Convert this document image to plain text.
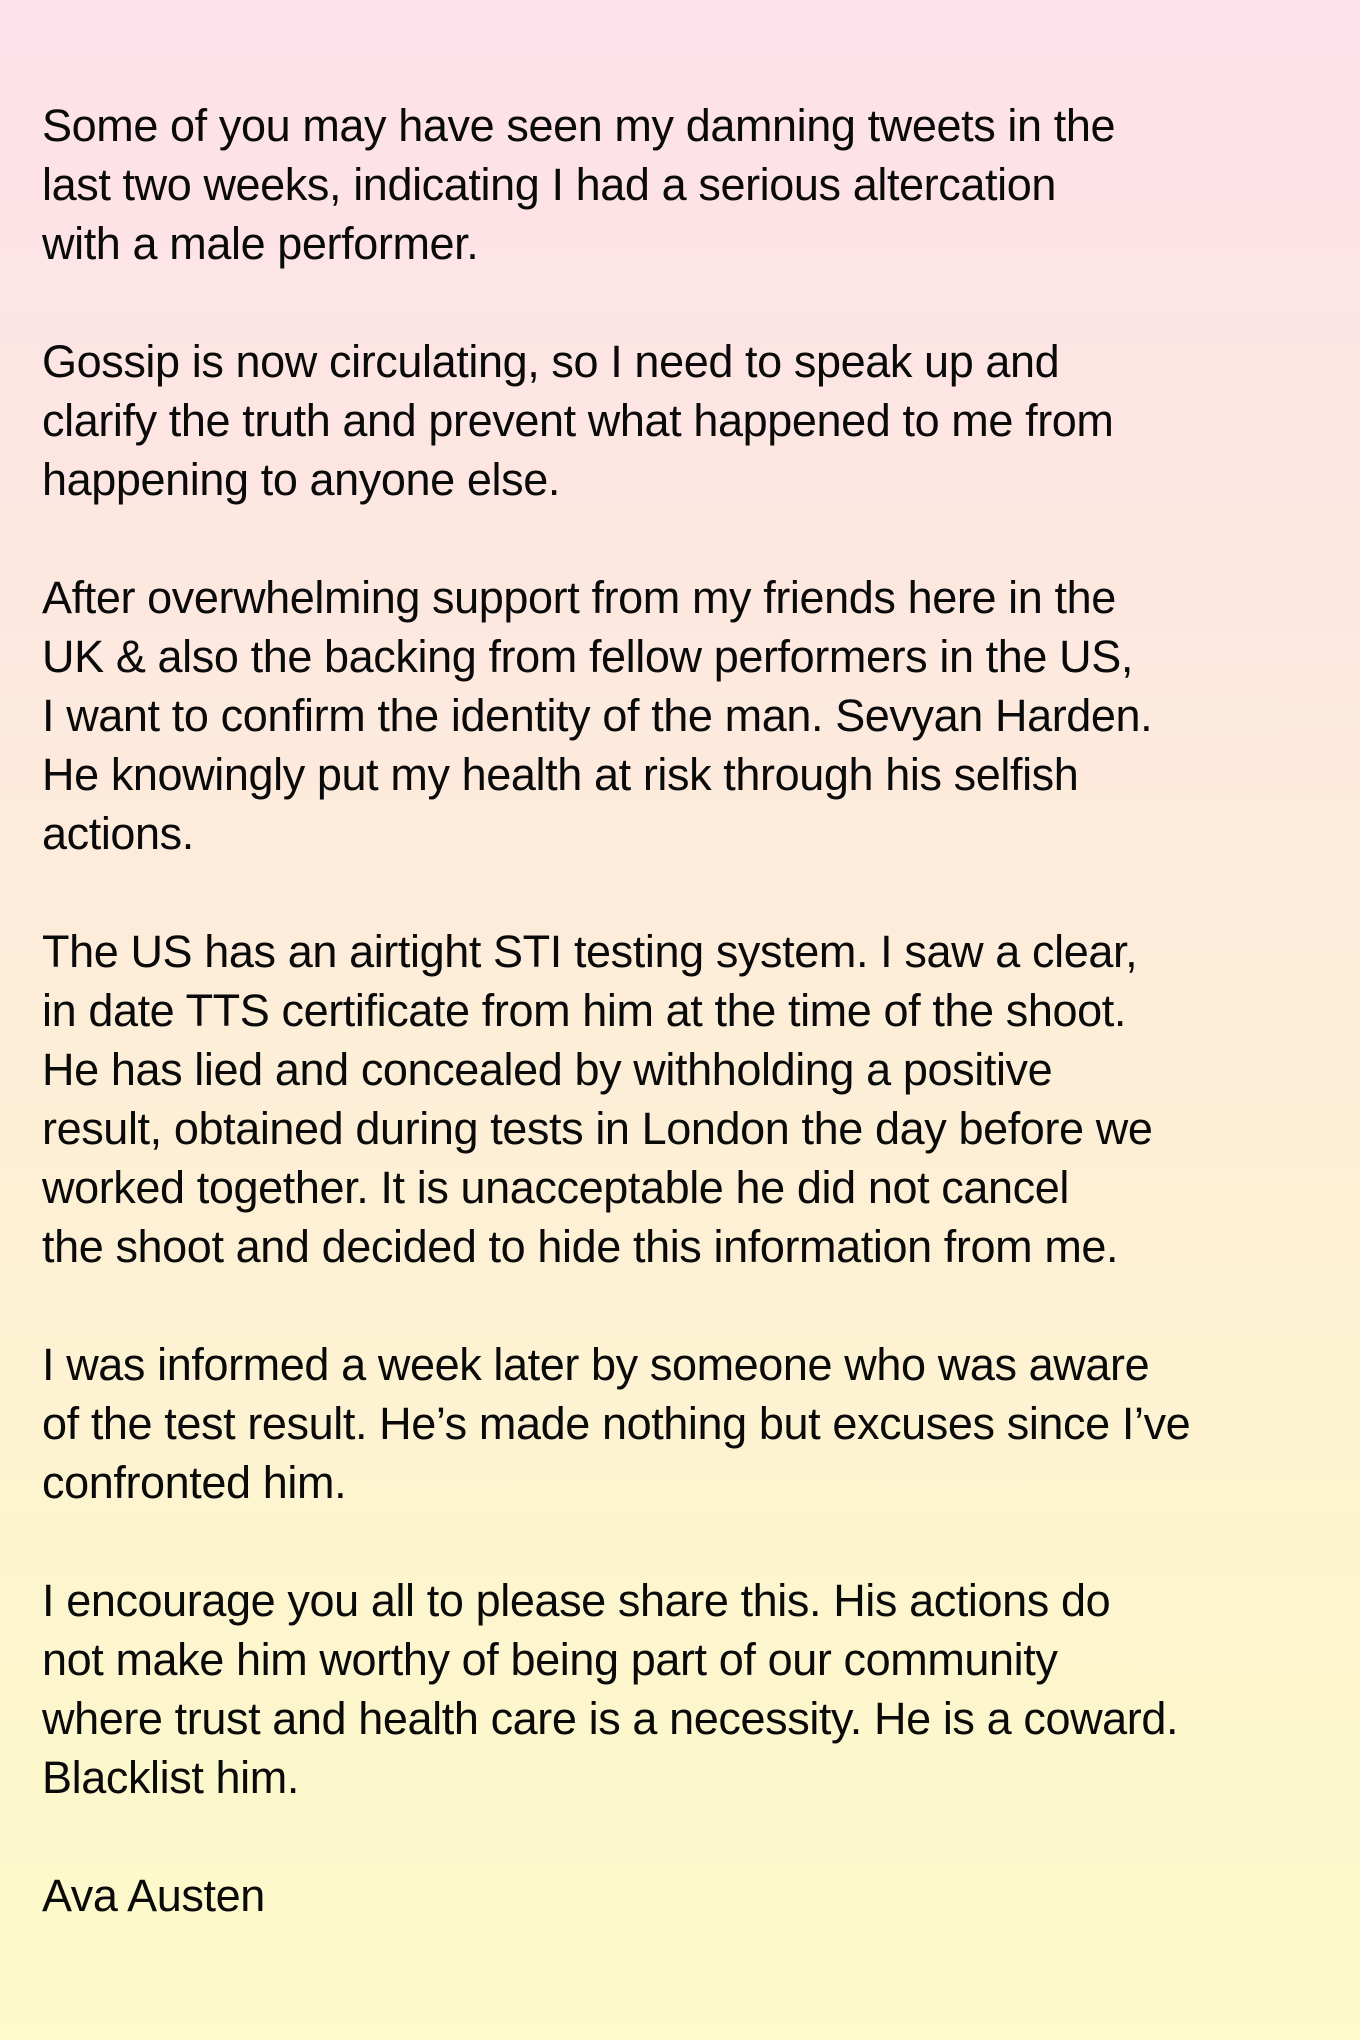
Some of you may have seen my damning tweets in the
last two weeks, indicating I had a serious altercation
with a male performer.
Gossip is now circulating, so I need to speak up and
clarify the truth and prevent what happened to me from
happening to anyone else.
After overwhelming support from my friends here in the
UK & also the backing from fellow performers in the US,
I want to confirm the identity of the man. Sevyan Harden.
He knowingly put my health at risk through his selfish
actions.
The US has an airtight STI testing system. I saw a clear,
in date TTS certificate from him at the time of the shoot.
He has lied and concealed by withholding a positive
result, obtained during tests in London the day before we
worked together. It is unacceptable he did not cancel
the shoot and decided to hide this information from me.
I was informed a week later by someone who was aware
of the test result. He’s made nothing but excuses since I’ve
confronted him.
I encourage you all to please share this. His actions do
not make him worthy of being part of our community
where trust and health care is a necessity. He is a coward.
Blacklist him.
Ava Austen
